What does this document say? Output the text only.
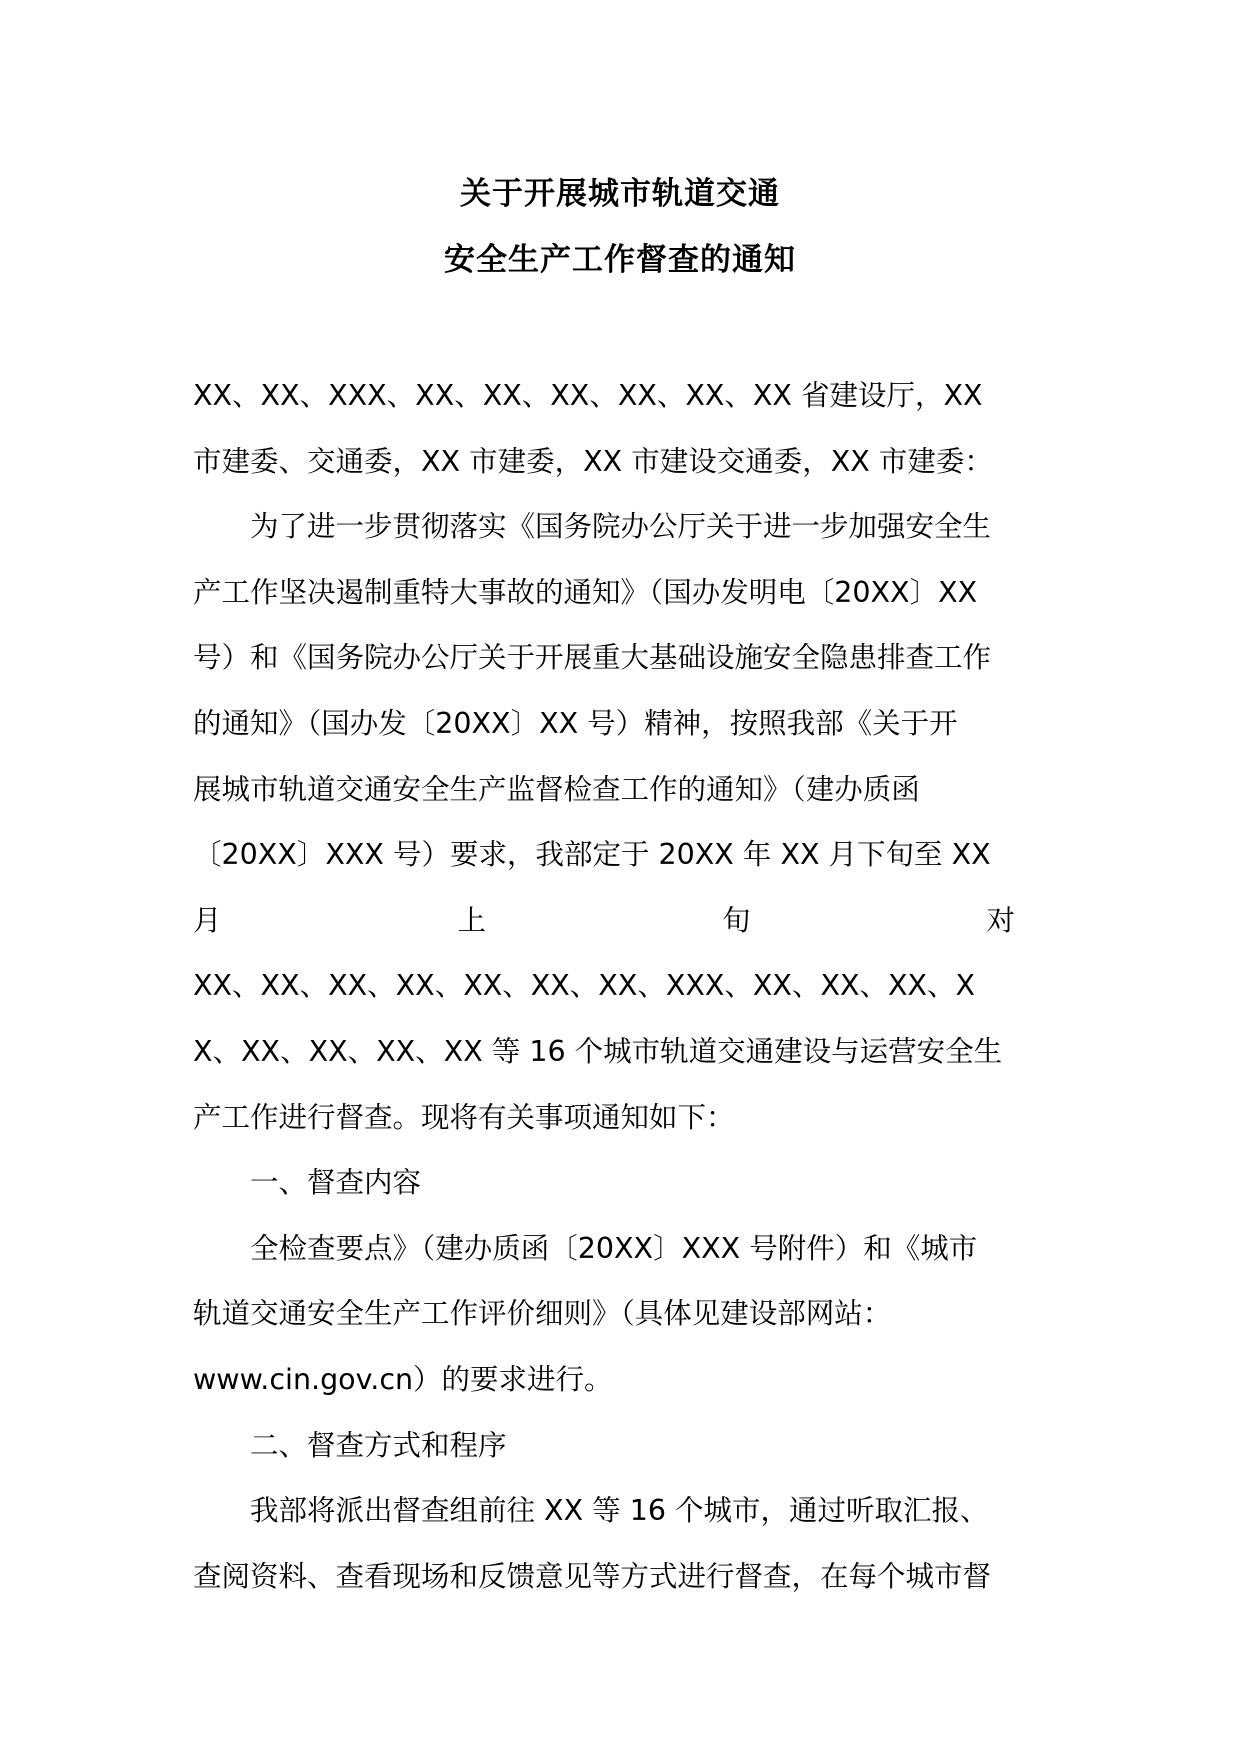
关于开展城市轨道交通
安全生产工作督查的通知
XX、XX、XXX、XX、XX、XX、XX、XX、XX 省建设厅，XX
市建委、交通委，XX 市建委，XX 市建设交通委，XX 市建委：
为了进一步贯彻落实《国务院办公厅关于进一步加强安全生
产工作坚决遏制重特大事故的通知》（国办发明电〔20XX〕XX
号）和《国务院办公厅关于开展重大基础设施安全隐患排查工作
的通知》（国办发〔20XX〕XX 号）精神，按照我部《关于开
展城市轨道交通安全生产监督检查工作的通知》（建办质函
〔20XX〕XXX 号）要求，我部定于 20XX 年 XX 月下旬至 XX
月	上	旬	对
XX、XX、XX、XX、XX、XX、XX、XXX、XX、XX、XX、X
X、XX、XX、XX、XX 等 16 个城市轨道交通建设与运营安全生
产工作进行督查。现将有关事项通知如下：
一、督查内容
全检查要点》（建办质函〔20XX〕XXX 号附件）和《城市
轨道交通安全生产工作评价细则》（具体见建设部网站：
www.cin.gov.cn）的要求进行。
二、督查方式和程序
我部将派出督查组前往 XX 等 16 个城市，通过听取汇报、
查阅资料、查看现场和反馈意见等方式进行督查，在每个城市督
